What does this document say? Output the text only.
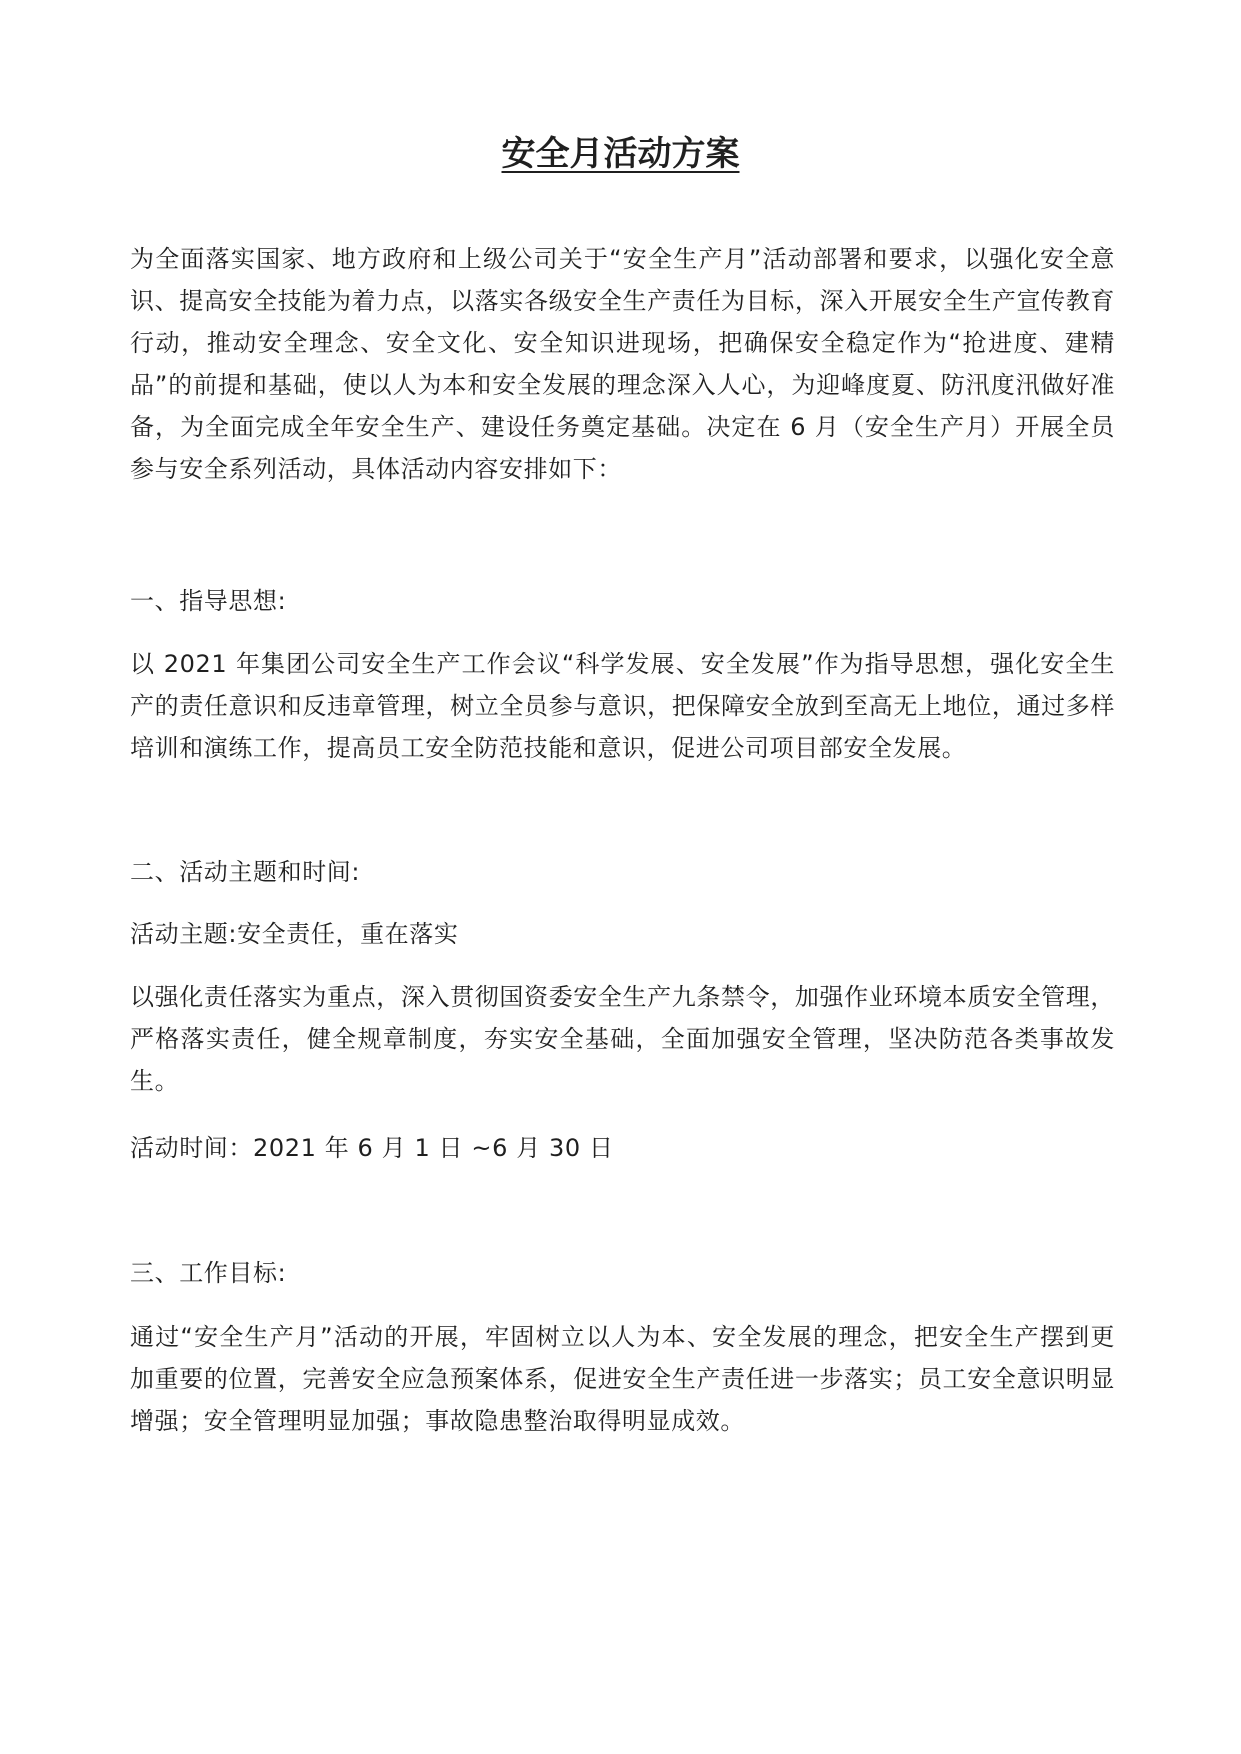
安全月活动方案

为全面落实国家、地方政府和上级公司关于“安全生产月”活动部署和要求，以强化安全意识、提高安全技能为着力点，以落实各级安全生产责任为目标，深入开展安全生产宣传教育行动，推动安全理念、安全文化、安全知识进现场，把确保安全稳定作为“抢进度、建精品”的前提和基础，使以人为本和安全发展的理念深入人心，为迎峰度夏、防汛度汛做好准备，为全面完成全年安全生产、建设任务奠定基础。决定在 6 月（安全生产月）开展全员参与安全系列活动，具体活动内容安排如下：

一、指导思想:

以 2021 年集团公司安全生产工作会议“科学发展、安全发展”作为指导思想，强化安全生产的责任意识和反违章管理，树立全员参与意识，把保障安全放到至高无上地位，通过多样培训和演练工作，提高员工安全防范技能和意识，促进公司项目部安全发展。

二、活动主题和时间:

活动主题:安全责任，重在落实

以强化责任落实为重点，深入贯彻国资委安全生产九条禁令，加强作业环境本质安全管理，严格落实责任，健全规章制度，夯实安全基础，全面加强安全管理，坚决防范各类事故发生。

活动时间：2021 年 6 月 1 日 ~6 月 30 日

三、工作目标:

通过“安全生产月”活动的开展，牢固树立以人为本、安全发展的理念，把安全生产摆到更加重要的位置，完善安全应急预案体系，促进安全生产责任进一步落实；员工安全意识明显增强；安全管理明显加强；事故隐患整治取得明显成效。
